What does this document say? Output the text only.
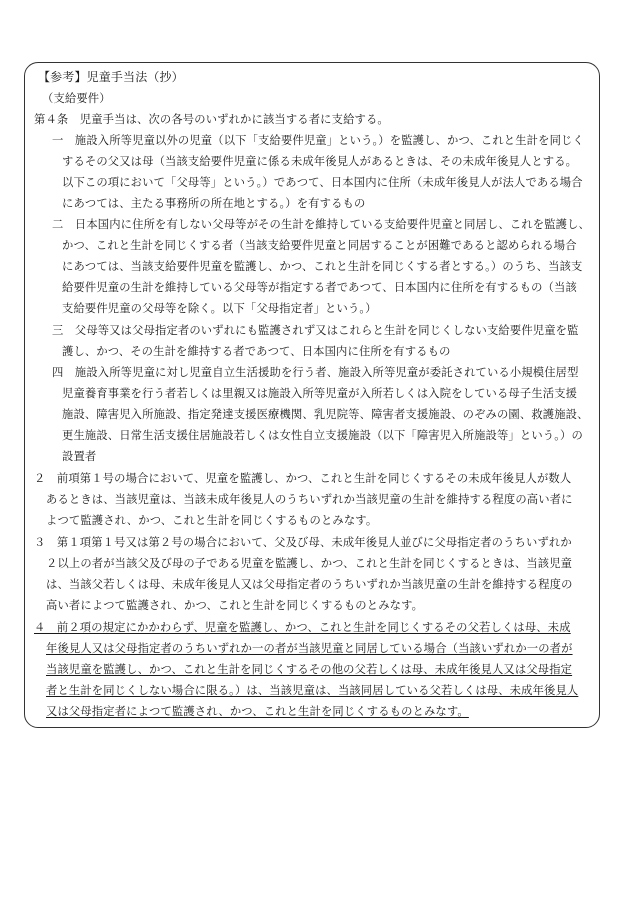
【参考】児童手当法（抄）
（支給要件）
第４条　児童手当は、次の各号のいずれかに該当する者に支給する。
一　施設入所等児童以外の児童（以下「支給要件児童」という。）を監護し、かつ、これと生計を同じく
するその父又は母（当該支給要件児童に係る未成年後見人があるときは、その未成年後見人とする。
以下この項において「父母等」という。）であつて、日本国内に住所（未成年後見人が法人である場合
にあつては、主たる事務所の所在地とする。）を有するもの
二　日本国内に住所を有しない父母等がその生計を維持している支給要件児童と同居し、これを監護し、
かつ、これと生計を同じくする者（当該支給要件児童と同居することが困難であると認められる場合
にあつては、当該支給要件児童を監護し、かつ、これと生計を同じくする者とする。）のうち、当該支
給要件児童の生計を維持している父母等が指定する者であつて、日本国内に住所を有するもの（当該
支給要件児童の父母等を除く。以下「父母指定者」という。）
三　父母等又は父母指定者のいずれにも監護されず又はこれらと生計を同じくしない支給要件児童を監
護し、かつ、その生計を維持する者であつて、日本国内に住所を有するもの
四　施設入所等児童に対し児童自立生活援助を行う者、施設入所等児童が委託されている小規模住居型
児童養育事業を行う者若しくは里親又は施設入所等児童が入所若しくは入院をしている母子生活支援
施設、障害児入所施設、指定発達支援医療機関、乳児院等、障害者支援施設、のぞみの園、救護施設、
更生施設、日常生活支援住居施設若しくは女性自立支援施設（以下「障害児入所施設等」という。）の
設置者
２　前項第１号の場合において、児童を監護し、かつ、これと生計を同じくするその未成年後見人が数人
あるときは、当該児童は、当該未成年後見人のうちいずれか当該児童の生計を維持する程度の高い者に
よつて監護され、かつ、これと生計を同じくするものとみなす。
３　第１項第１号又は第２号の場合において、父及び母、未成年後見人並びに父母指定者のうちいずれか
２以上の者が当該父及び母の子である児童を監護し、かつ、これと生計を同じくするときは、当該児童
は、当該父若しくは母、未成年後見人又は父母指定者のうちいずれか当該児童の生計を維持する程度の
高い者によつて監護され、かつ、これと生計を同じくするものとみなす。
４　前２項の規定にかかわらず、児童を監護し、かつ、これと生計を同じくするその父若しくは母、未成
年後見人又は父母指定者のうちいずれか一の者が当該児童と同居している場合（当該いずれか一の者が
当該児童を監護し、かつ、これと生計を同じくするその他の父若しくは母、未成年後見人又は父母指定
者と生計を同じくしない場合に限る。）は、当該児童は、当該同居している父若しくは母、未成年後見人
又は父母指定者によつて監護され、かつ、これと生計を同じくするものとみなす。
